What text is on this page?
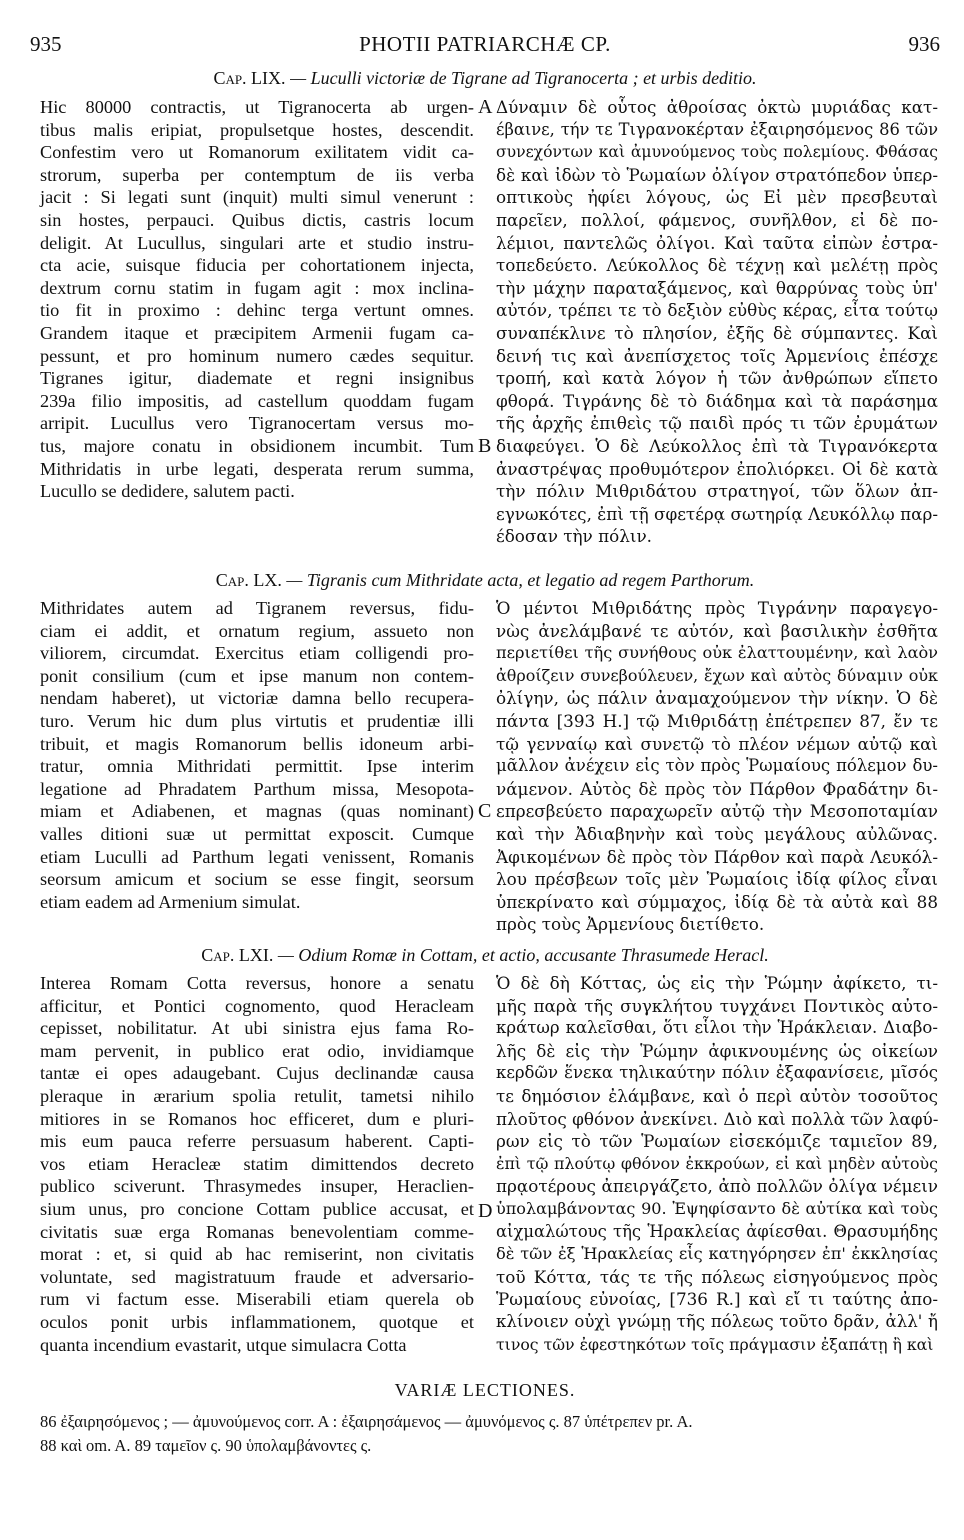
935	PHOTII PATRIARCHÆ CP.	936
Cap. LIX. — Luculli victoriæ de Tigrane ad Tigranocerta ; et urbis deditio.
Hic 80000 contractis, ut Tigranocerta ab urgen-
tibus malis eripiat, propulsetque hostes, descendit.
Confestim vero ut Romanorum exilitatem vidit ca-
strorum, superba per contemptum de iis verba
jacit : Si legati sunt (inquit) multi simul venerunt :
sin hostes, perpauci. Quibus dictis, castris locum
deligit. At Lucullus, singulari arte et studio instru-
cta acie, suisque fiducia per cohortationem injecta,
dextrum cornu statim in fugam agit : mox inclina-
tio fit in proximo : dehinc terga vertunt omnes.
Grandem itaque et præcipitem Armenii fugam ca-
pessunt, et pro hominum numero cædes sequitur.
Tigranes igitur, diademate et regni insignibus
239a filio impositis, ad castellum quoddam fugam
arripit. Lucullus vero Tigranocertam versus mo-
tus, majore conatu in obsidionem incumbit. Tum
Mithridatis in urbe legati, desperata rerum summa,
Lucullo se dedidere, salutem pacti.
Δύναμιν δὲ οὗτος ἀθροίσας ὀκτὼ μυριάδας κατ-
έβαινε, τήν τε Τιγρανοκέρταν ἐξαιρησόμενος 86 τῶν
συνεχόντων καὶ ἀμυνούμενος τοὺς πολεμίους. Φθάσας
δὲ καὶ ἰδὼν τὸ Ῥωμαίων ὀλίγον στρατόπεδον ὑπερ-
οπτικοὺς ἠφίει λόγους, ὡς Εἰ μὲν πρεσβευταὶ
παρεῖεν, πολλοί, φάμενος, συνῆλθον, εἰ δὲ πο-
λέμιοι, παντελῶς ὀλίγοι. Καὶ ταῦτα εἰπὼν ἐστρα-
τοπεδεύετο. Λεύκολλος δὲ τέχνῃ καὶ μελέτῃ πρὸς
τὴν μάχην παραταξάμενος, καὶ θαρρύνας τοὺς ὑπ'
αὐτόν, τρέπει τε τὸ δεξιὸν εὐθὺς κέρας, εἶτα τούτῳ
συναπέκλινε τὸ πλησίον, ἐξῆς δὲ σύμπαντες. Καὶ
δεινή τις καὶ ἀνεπίσχετος τοῖς Ἀρμενίοις ἐπέσχε
τροπή, καὶ κατὰ λόγον ἡ τῶν ἀνθρώπων εἵπετο
φθορά. Τιγράνης δὲ τὸ διάδημα καὶ τὰ παράσημα
τῆς ἀρχῆς ἐπιθεὶς τῷ παιδὶ πρός τι τῶν ἐρυμάτων
διαφεύγει. Ὁ δὲ Λεύκολλος ἐπὶ τὰ Τιγρανόκερτα
ἀναστρέψας προθυμότερον ἐπολιόρκει. Οἱ δὲ κατὰ
τὴν πόλιν Μιθριδάτου στρατηγοί, τῶν ὅλων ἀπ-
εγνωκότες, ἐπὶ τῇ σφετέρᾳ σωτηρίᾳ Λευκόλλῳ παρ-
έδοσαν τὴν πόλιν.
A
B
Cap. LX. — Tigranis cum Mithridate acta, et legatio ad regem Parthorum.
Mithridates autem ad Tigranem reversus, fidu-
ciam ei addit, et ornatum regium, assueto non
viliorem, circumdat. Exercitus etiam colligendi pro-
ponit consilium (cum et ipse manum non contem-
nendam haberet), ut victoriæ damna bello recupera-
turo. Verum hic dum plus virtutis et prudentiæ illi
tribuit, et magis Romanorum bellis idoneum arbi-
tratur, omnia Mithridati permittit. Ipse interim
legatione ad Phradatem Parthum missa, Mesopota-
miam et Adiabenen, et magnas (quas nominant)
valles ditioni suæ ut permittat exposcit. Cumque
etiam Luculli ad Parthum legati venissent, Romanis
seorsum amicum et socium se esse fingit, seorsum
etiam eadem ad Armenium simulat.
Ὁ μέντοι Μιθριδάτης πρὸς Τιγράνην παραγεγο-
νὼς ἀνελάμβανέ τε αὐτόν, καὶ βασιλικὴν ἐσθῆτα
περιετίθει τῆς συνήθους οὐκ ἐλαττουμένην, καὶ λαὸν
ἀθροίζειν συνεβούλευεν, ἔχων καὶ αὐτὸς δύναμιν οὐκ
ὀλίγην, ὡς πάλιν ἀναμαχούμενον τὴν νίκην. Ὁ δὲ
πάντα [393 H.] τῷ Μιθριδάτῃ ἐπέτρεπεν 87, ἔν τε
τῷ γενναίῳ καὶ συνετῷ τὸ πλέον νέμων αὐτῷ καὶ
μᾶλλον ἀνέχειν εἰς τὸν πρὸς Ῥωμαίους πόλεμον δυ-
νάμενον. Αὐτὸς δὲ πρὸς τὸν Πάρθον Φραδάτην δι-
επρεσβεύετο παραχωρεῖν αὐτῷ τὴν Μεσοποταμίαν
καὶ τὴν Ἀδιαβηνὴν καὶ τοὺς μεγάλους αὐλῶνας.
Ἀφικομένων δὲ πρὸς τὸν Πάρθον καὶ παρὰ Λευκόλ-
λου πρέσβεων τοῖς μὲν Ῥωμαίοις ἰδίᾳ φίλος εἶναι
ὑπεκρίνατο καὶ σύμμαχος, ἰδίᾳ δὲ τὰ αὐτὰ καὶ 88
πρὸς τοὺς Ἀρμενίους διετίθετο.
C
Cap. LXI. — Odium Romæ in Cottam, et actio, accusante Thrasumede Heracl.
Interea Romam Cotta reversus, honore a senatu
afficitur, et Pontici cognomento, quod Heracleam
cepisset, nobilitatur. At ubi sinistra ejus fama Ro-
mam pervenit, in publico erat odio, invidiamque
tantæ ei opes adaugebant. Cujus declinandæ causa
pleraque in ærarium spolia retulit, tametsi nihilo
mitiores in se Romanos hoc efficeret, dum e pluri-
mis eum pauca referre persuasum haberent. Capti-
vos etiam Heracleæ statim dimittendos decreto
publico sciverunt. Thrasymedes insuper, Heraclien-
sium unus, pro concione Cottam publice accusat, et
civitatis suæ erga Romanas benevolentiam comme-
morat : et, si quid ab hac remiserint, non civitatis
voluntate, sed magistratuum fraude et adversario-
rum vi factum esse. Miserabili etiam querela ob
oculos ponit urbis inflammationem, quotque et
quanta incendium evastarit, utque simulacra Cotta
Ὁ δὲ δὴ Κόττας, ὡς εἰς τὴν Ῥώμην ἀφίκετο, τι-
μῆς παρὰ τῆς συγκλήτου τυγχάνει Ποντικὸς αὐτο-
κράτωρ καλεῖσθαι, ὅτι εἷλοι τὴν Ἡράκλειαν. Διαβο-
λῆς δὲ εἰς τὴν Ῥώμην ἀφικνουμένης ὡς οἰκείων
κερδῶν ἕνεκα τηλικαύτην πόλιν ἐξαφανίσειε, μῖσός
τε δημόσιον ἐλάμβανε, καὶ ὁ περὶ αὐτὸν τοσοῦτος
πλοῦτος φθόνον ἀνεκίνει. Διὸ καὶ πολλὰ τῶν λαφύ-
ρων εἰς τὸ τῶν Ῥωμαίων εἰσεκόμιζε ταμιεῖον 89,
ἐπὶ τῷ πλούτῳ φθόνον ἐκκρούων, εἰ καὶ μηδὲν αὐτοὺς
πρᾳοτέρους ἀπειργάζετο, ἀπὸ πολλῶν ὀλίγα νέμειν
ὑπολαμβάνοντας 90. Ἐψηφίσαντο δὲ αὐτίκα καὶ τοὺς
αἰχμαλώτους τῆς Ἡρακλείας ἀφίεσθαι. Θρασυμήδης
δὲ τῶν ἐξ Ἡρακλείας εἷς κατηγόρησεν ἐπ' ἐκκλησίας
τοῦ Κόττα, τάς τε τῆς πόλεως εἰσηγούμενος πρὸς
Ῥωμαίους εὐνοίας, [736 R.] καὶ εἴ τι ταύτης ἀπο-
κλίνοιεν οὐχὶ γνώμῃ τῆς πόλεως τοῦτο δρᾶν, ἀλλ' ἤ
τινος τῶν ἐφεστηκότων τοῖς πράγμασιν ἐξαπάτῃ ἢ καὶ
D
VARIÆ LECTIONES.
86 ἐξαιρησόμενος ; — ἀμυνούμενος corr. A : ἐξαιρησάμενος — ἀμυνόμενος ς. 87 ὑπέτρεπεν pr. A.
88 καὶ om. A. 89 ταμεῖον ς. 90 ὑπολαμβάνοντες ς.
